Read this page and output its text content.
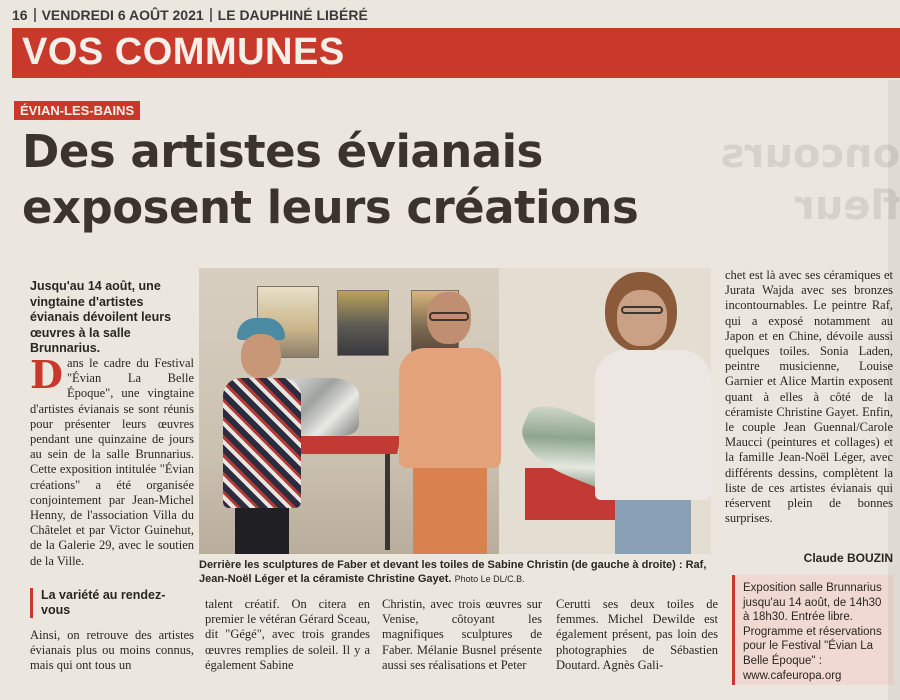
16 VENDREDI 6 AOÛT 2021 LE DAUPHINÉ LIBÉRÉ
VOS COMMUNES
oncours
fleur
ÉVIAN-LES-BAINS
Des artistes évianais
exposent leurs créations

Jusqu'au 14 août, une vingtaine d'artistes évianais dévoilent leurs œuvres à la salle Brunnarius.

Dans le cadre du Festival "Évian La Belle Époque", une vingtaine d'artistes évianais se sont réunis pour présenter leurs œuvres pendant une quinzaine de jours au sein de la salle Brunnarius. Cette exposition intitulée "Évian créations" a été organisée conjointement par Jean-Michel Henny, de l'association Villa du Châtelet et par Victor Guinehut, de la Galerie 29, avec le soutien de la Ville.
La variété au rendez-vous
Ainsi, on retrouve des artistes évianais plus ou moins connus, mais qui ont tous un
Derrière les sculptures de Faber et devant les toiles de Sabine Christin (de gauche à droite) : Raf, Jean-Noël Léger et la céramiste Christine Gayet. Photo Le DL/C.B.
chet est là avec ses céramiques et Jurata Wajda avec ses bronzes incontournables. Le peintre Raf, qui a exposé notamment au Japon et en Chine, dévoile aussi quelques toiles. Sonia Laden, peintre musicienne, Louise Garnier et Alice Martin exposent quant à elles à côté de la céramiste Christine Gayet. Enfin, le couple Jean Guennal/Carole Maucci (peintures et collages) et la famille Jean-Noël Léger, avec différents dessins, complètent la liste de ces artistes évianais qui réservent plein de bonnes surprises.
Claude BOUZIN
Exposition salle Brunnarius jusqu'au 14 août, de 14h30 à 18h30. Entrée libre. Programme et réservations pour le Festival "Évian La Belle Époque" : www.cafeuropa.org
talent créatif. On citera en premier le vétéran Gérard Sceau, dit "Gégé", avec trois grandes œuvres remplies de soleil. Il y a également Sabine
Christin, avec trois œuvres sur Venise, côtoyant les magnifiques sculptures de Faber. Mélanie Busnel présente aussi ses réalisations et Peter
Cerutti ses deux toiles de femmes. Michel Dewilde est également présent, pas loin des photographies de Sébastien Doutard. Agnès Gali-
